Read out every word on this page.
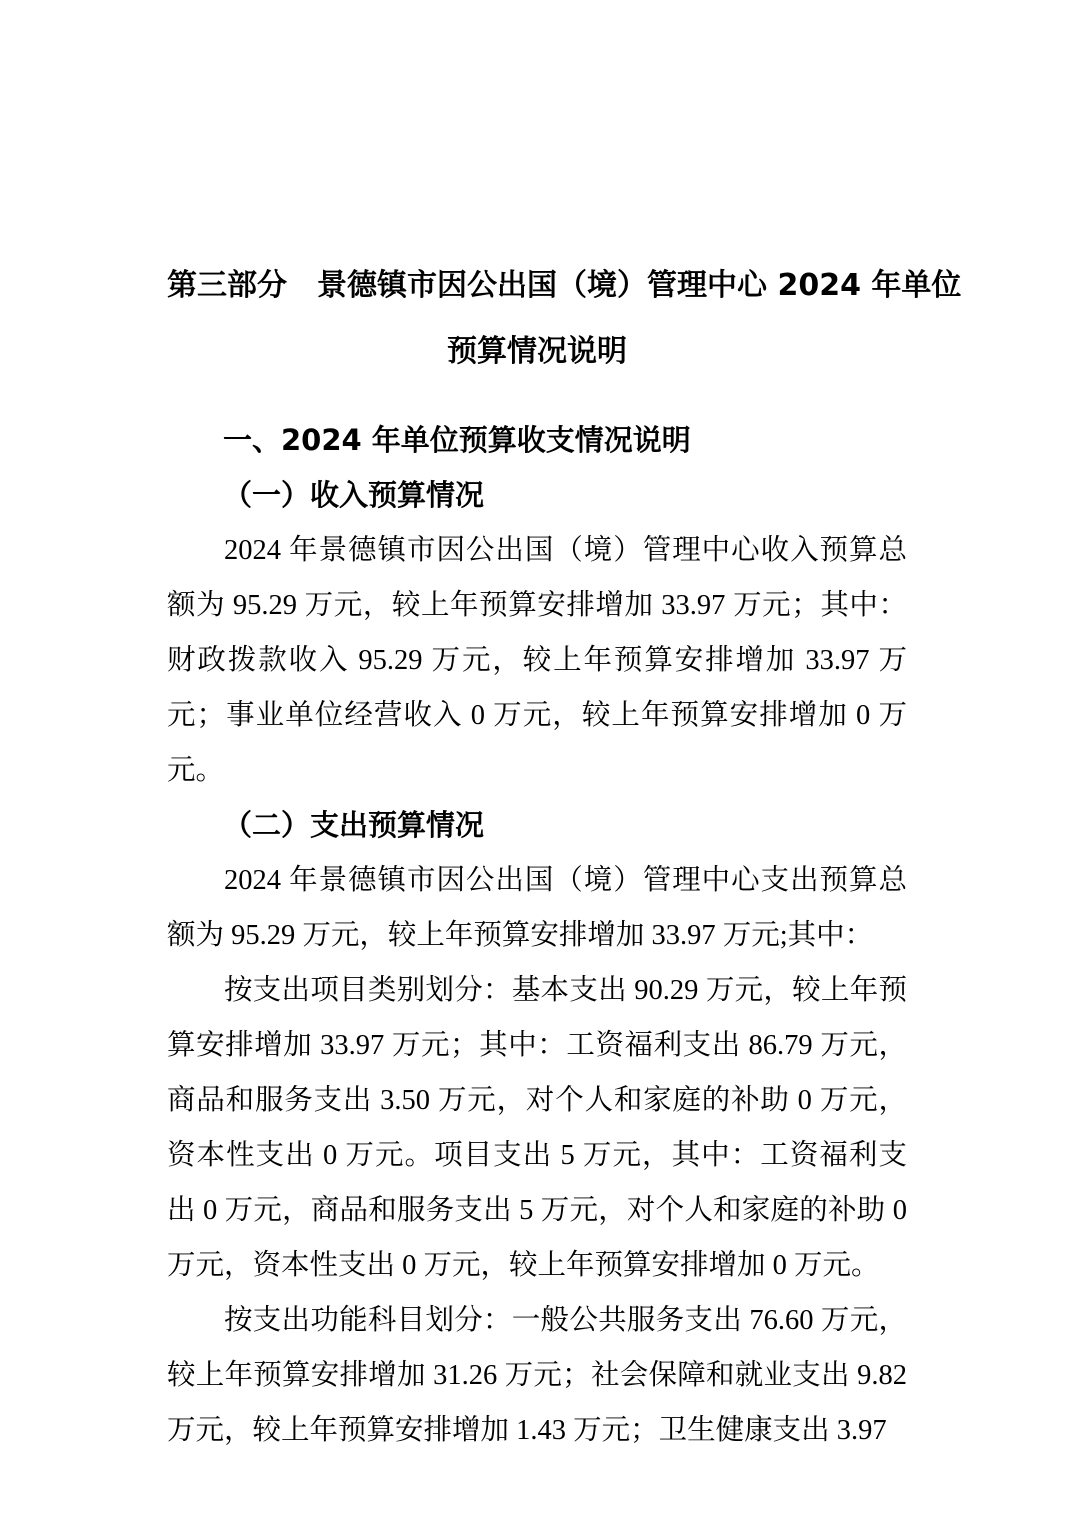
第三部分　景德镇市因公出国（境）管理中心 2024 年单位
预算情况说明
一、2024 年单位预算收支情况说明
（一）收入预算情况

2024 年景德镇市因公出国（境）管理中心收入预算总额为 95.29 万元，较上年预算安排增加 33.97 万元；其中：财政拨款收入 95.29 万元，较上年预算安排增加 33.97 万元；事业单位经营收入 0 万元，较上年预算安排增加 0 万元。

（二）支出预算情况

2024 年景德镇市因公出国（境）管理中心支出预算总额为 95.29 万元，较上年预算安排增加 33.97 万元;其中：

按支出项目类别划分：基本支出 90.29 万元，较上年预算安排增加 33.97 万元；其中：工资福利支出 86.79 万元，商品和服务支出 3.50 万元，对个人和家庭的补助 0 万元，资本性支出 0 万元。项目支出 5 万元，其中：工资福利支出 0 万元，商品和服务支出 5 万元，对个人和家庭的补助 0 万元，资本性支出 0 万元，较上年预算安排增加 0 万元。

按支出功能科目划分：一般公共服务支出 76.60 万元，较上年预算安排增加 31.26 万元；社会保障和就业支出 9.82 万元，较上年预算安排增加 1.43 万元；卫生健康支出 3.97
